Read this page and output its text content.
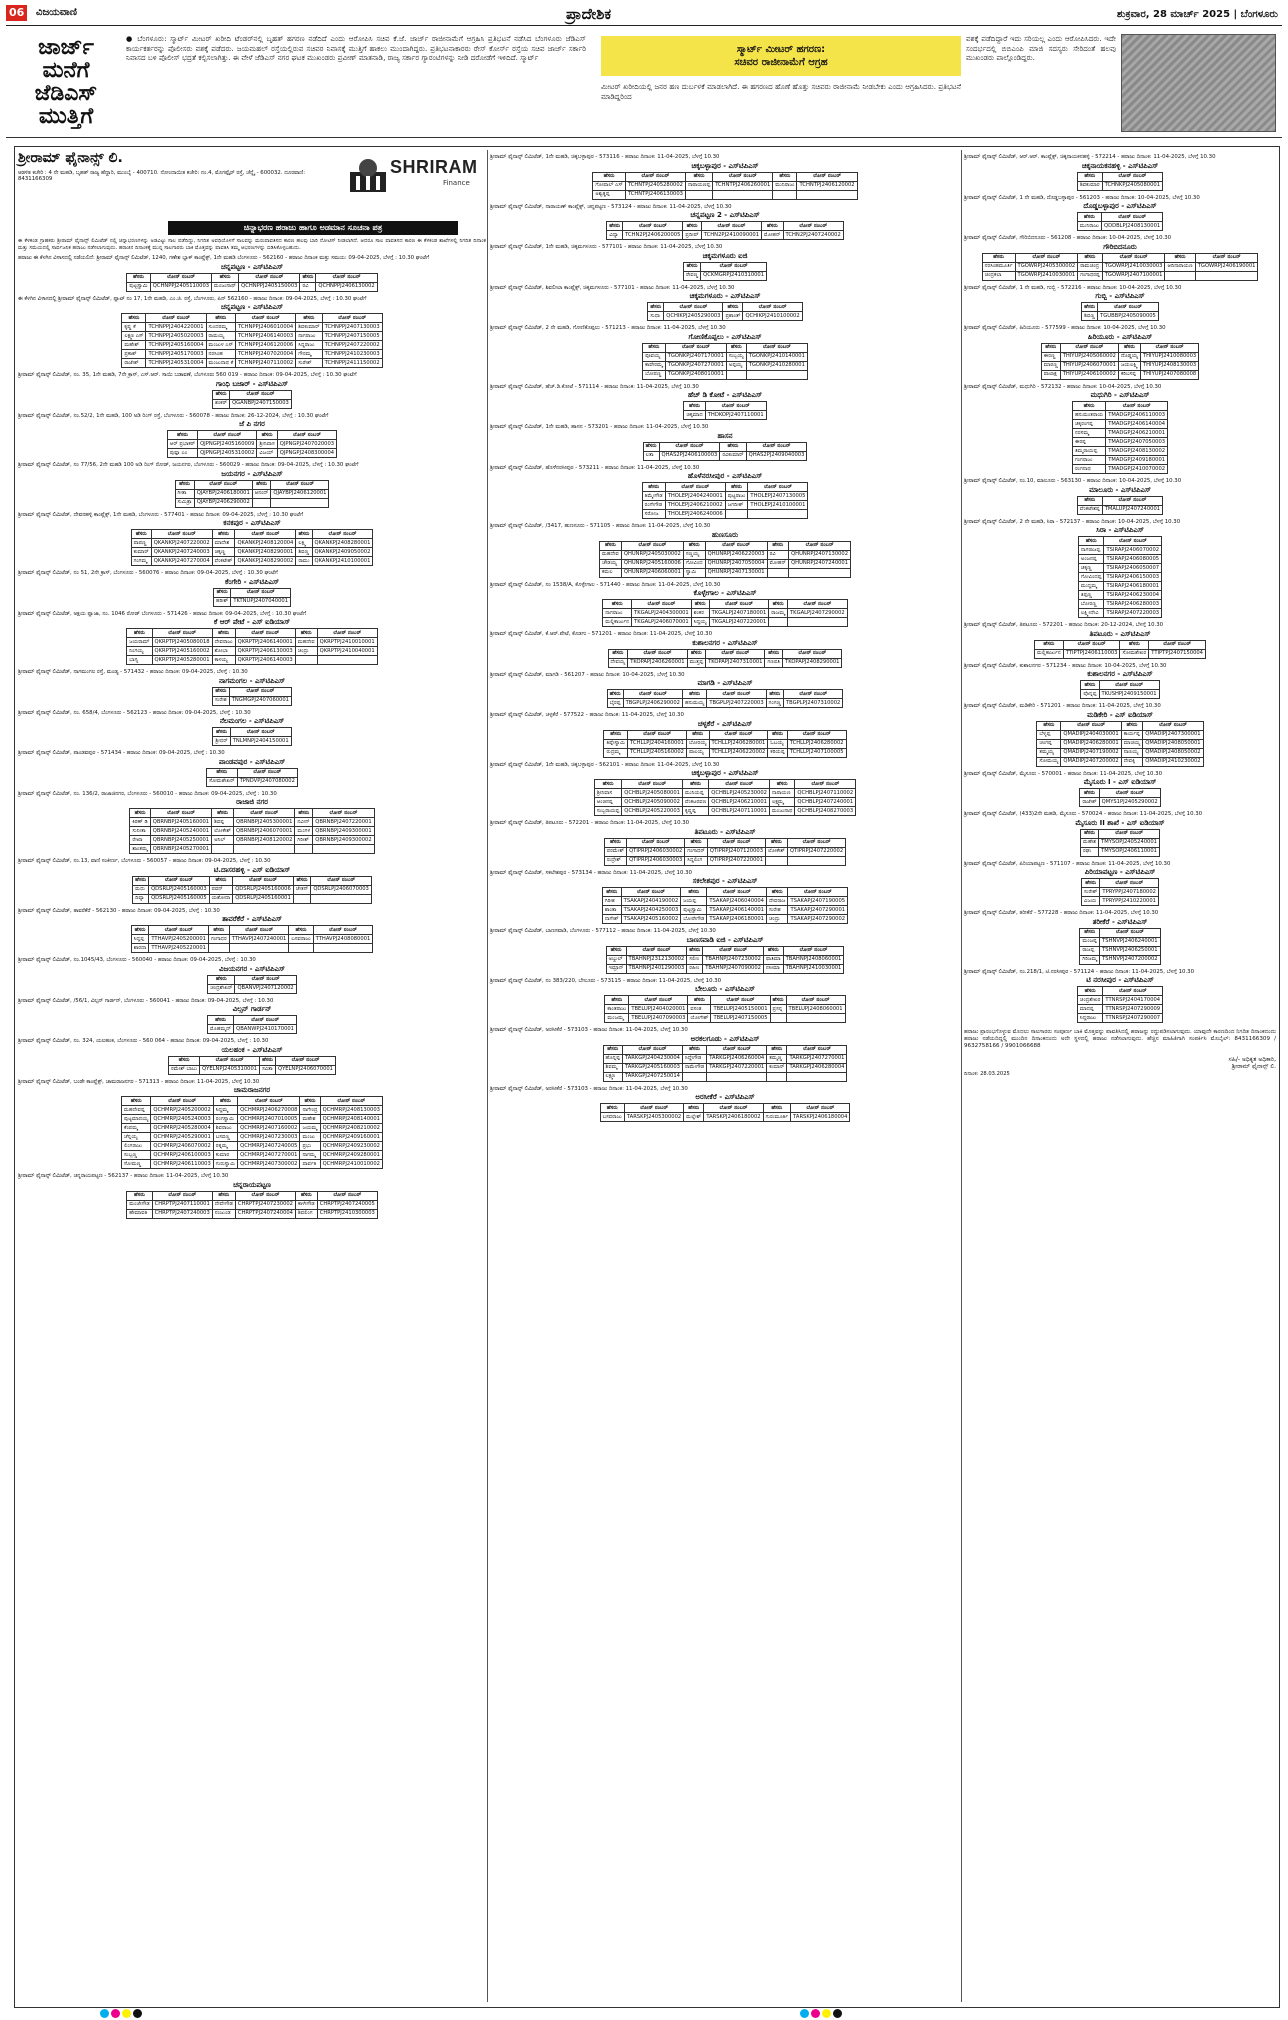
06	ವಿಜಯವಾಣಿ	ಪ್ರಾದೇಶಿಕ	ಶುಕ್ರವಾರ, 28 ಮಾರ್ಚ್ 2025 | ಬೆಂಗಳೂರು
ಜಾರ್ಜ್ ಮನೆಗೆ ಜೆಡಿಎಸ್ ಮುತ್ತಿಗೆ
● ಬೆಂಗಳೂರು: ಸ್ಮಾರ್ಟ್ ಮೀಟರ್ ಖರೀದಿ ಟೆಂಡರ್‌ನಲ್ಲಿ ಬೃಹತ್ ಹಗರಣ ನಡೆದಿದೆ ಎಂದು ಆರೋಪಿಸಿ ಸಚಿವ ಕೆ.ಜೆ. ಜಾರ್ಜ್ ರಾಜೀನಾಮೆಗೆ ಆಗ್ರಹಿಸಿ ಪ್ರತಿಭಟನೆ ನಡೆಸಿದ ಬೆಂಗಳೂರು ಜೆಡಿಎಸ್ ಕಾರ್ಯಕರ್ತರನ್ನು ಪೊಲೀಸರು ವಶಕ್ಕೆ ಪಡೆದರು. ಜಯಮಹಲ್ ರಸ್ತೆಯಲ್ಲಿರುವ ಸಚಿವರ ನಿವಾಸಕ್ಕೆ ಮುತ್ತಿಗೆ ಹಾಕಲು ಮುಂದಾಗಿದ್ದರು. ಪ್ರತಿಭಟನಾಕಾರರು ರೇಸ್ ಕೋರ್ಸ್ ರಸ್ತೆಯ ಸಚಿವ ಜಾರ್ಜ್ ಸರ್ಕಾರಿ ನಿವಾಸದ ಬಳಿ ಪೊಲೀಸ್ ಭದ್ರತೆ ಕಲ್ಪಿಸಲಾಗಿತ್ತು. ಈ ವೇಳೆ ಜೆಡಿಎಸ್ ನಗರ ಘಟಕ ಮುಖಂಡರು ಪ್ರವೀಣ್ ಮಾತನಾಡಿ, ರಾಜ್ಯ ಸರ್ಕಾರ ಗ್ಯಾರಂಟಿಗಳನ್ನು ನೀಡಿ ದರೋಡೆಗೆ ಇಳಿದಿದೆ. ಸ್ಮಾರ್ಟ್
ಸ್ಮಾರ್ಟ್ ಮೀಟರ್ ಹಗರಣ:
ಸಚಿವರ ರಾಜೀನಾಮೆಗೆ ಆಗ್ರಹ
ಮೀಟರ್ ಖರೀದಿಯಲ್ಲಿ ಜನರ ಹಣ ದುರ್ಬಳಕೆ ಮಾಡಲಾಗಿದೆ. ಈ ಹಗರಣದ ಹೊಣೆ ಹೊತ್ತು ಸಚಿವರು ರಾಜೀನಾಮೆ ನೀಡಬೇಕು ಎಂದು ಆಗ್ರಹಿಸಿದರು. ಪ್ರತಿಭಟನೆ ಮಾಡಿದ್ದರಿಂದ
ವಶಕ್ಕೆ ಪಡೆದಿದ್ದಾರೆ ಇದು ಸರಿಯಲ್ಲ ಎಂದು ಆರೋಪಿಸಿದರು. ಇದೇ ಸಂದರ್ಭದಲ್ಲಿ ಬಿಬಿಎಂಪಿ ಮಾಜಿ ಸದಸ್ಯರು ಸೇರಿದಂತೆ ಹಲವು ಮುಖಂಡರು ಪಾಲ್ಗೊಂಡಿದ್ದರು.
ಶ್ರೀರಾಮ್ ಫೈನಾನ್ಸ್ ಲಿ.
ಆಡಳಿತ ಕಚೇರಿ : 4 ನೇ ಮಹಡಿ, ಬೃಹತ್ ರಾಜ್ಯ ಹೆದ್ದಾರಿ, ಮುಂಬೈ - 400710. ನೋಂದಾಯಿತ ಕಚೇರಿ: ನಂ.4, ಮೊಗಪ್ಪೈರ್ ರಸ್ತೆ, ಚೆನ್ನೈ - 600032. ದೂರವಾಣಿ: 8431166309
SHRIRAM
Finance
ಚಿನ್ನಾಭರಣ ಹರಾಜು ಹಾಗೂ ಅಡಮಾನ ಸೂಚನಾ ಪತ್ರ
ಈ ಕೆಳಕಂಡ ಗ್ರಾಹಕರು ಶ್ರೀರಾಮ್ ಫೈನಾನ್ಸ್ ಲಿಮಿಟೆಡ್ ನಲ್ಲಿ ಚಿನ್ನಾಭರಣಗಳನ್ನು ಅಡವಿಟ್ಟು ಸಾಲ ಪಡೆದಿದ್ದು, ನಿಗದಿತ ಅವಧಿಯೊಳಗೆ ಸಾಲವನ್ನು ಮರುಪಾವತಿಸದ ಕಾರಣ ಹಲವು ಬಾರಿ ನೋಟಿಸ್ ನೀಡಲಾಗಿದೆ. ಆದರೂ ಸಾಲ ಪಾವತಿಸದ ಕಾರಣ ಈ ಕೆಳಕಂಡ ಶಾಖೆಗಳಲ್ಲಿ ನಿಗದಿತ ದಿನಾಂಕ ಮತ್ತು ಸಮಯದಲ್ಲಿ ಸಾರ್ವಜನಿಕ ಹರಾಜು ನಡೆಸಲಾಗುವುದು. ಹರಾಜಿನ ದಿನಾಂಕಕ್ಕೆ ಮುನ್ನ ಸಾಲಗಾರರು ಬಾಕಿ ಮೊತ್ತವನ್ನು ಪಾವತಿಸಿ ತಮ್ಮ ಆಭರಣಗಳನ್ನು ಬಿಡಿಸಿಕೊಳ್ಳಬಹುದು.
ಹರಾಜು ಈ ಕೆಳಗಿನ ವಿಳಾಸದಲ್ಲಿ ನಡೆಯಲಿದೆ: ಶ್ರೀರಾಮ್ ಫೈನಾನ್ಸ್ ಲಿಮಿಟೆಡ್, 1240, ಗಣೇಶ ಬ್ಲಾಕ್ ಕಾಂಪ್ಲೆಕ್ಸ್, 1ನೇ ಮಹಡಿ ಬೆಂಗಳೂರು - 562160 - ಹರಾಜು ದಿನಾಂಕ ಮತ್ತು ಸಮಯ: 09-04-2025, ಬೆಳಗ್ಗೆ : 10.30 ಘಂಟೆಗೆ
ಚನ್ನಪಟ್ಟಣ - ಎಸ್‌ಟಿಪಿಎಸ್
ಹೆಸರು	ಲೋನ್ ನಂಬರ್	ಹೆಸರು	ಲೋನ್ ನಂಬರ್	ಹೆಸರು	ಲೋನ್ ನಂಬರ್
ಪುಟ್ಟಸ್ವಾಮಿ	QCHNPPJ2405110003	ಮಂಜುನಾಥ್	QCHNPPJ2405150003	ರವಿ	QCHNPPJ2406130002
ಈ ಕೆಳಗಿನ ವಿಳಾಸದಲ್ಲಿ ಶ್ರೀರಾಮ್ ಫೈನಾನ್ಸ್ ಲಿಮಿಟೆಡ್, ಪ್ಲಾಟ್ ನಂ 17, 1ನೇ ಮಹಡಿ, ಎಂ.ಜಿ. ರಸ್ತೆ, ಬೆಂಗಳೂರು, ಪಿನ್ 562160 - ಹರಾಜು ದಿನಾಂಕ: 09-04-2025, ಬೆಳಗ್ಗೆ : 10.30 ಘಂಟೆಗೆ
ಚನ್ನಪಟ್ಟಣ - ಎಸ್‌ಟಿಪಿಎಸ್
ಹೆಸರು	ಲೋನ್ ನಂಬರ್	ಹೆಸರು	ಲೋನ್ ನಂಬರ್	ಹೆಸರು	ಲೋನ್ ನಂಬರ್
ಕೃಷ್ಣ ಕೆ	TCHNPPJ2404220001	ಸುಂದರಮ್ಮ	TCHNPPJ2406010004	ಶಿವಕುಮಾರ್	TCHNPPJ2407130003
ಲಕ್ಷ್ಮಣ ಎಸ್	TCHNPPJ2405020003	ರಾಮಯ್ಯ	TCHNPPJ2406140003	ನಾಗರಾಜು	TCHNPPJ2407150005
ಮಹೇಶ್	TCHNPPJ2405160004	ಮಂಜುಳ ಎಸ್	TCHNPPJ2406120006	ಸಿದ್ದರಾಜು	TCHNPPJ2407220002
ಪ್ರಕಾಶ್	TCHNPPJ2405170003	ನರಸಿಂಹ	TCHNPPJ2407020004	ಗೌರಮ್ಮ	TCHNPPJ2410230003
ರಾಜೇಶ್	TCHNPPJ2405310004	ಮಂಜುನಾಥ ಕೆ	TCHNPPJ2407110002	ಸುರೇಶ್	TCHNPPJ2411150002
ಶ್ರೀರಾಮ್ ಫೈನಾನ್ಸ್ ಲಿಮಿಟೆಡ್, ನಂ. 35, 1ನೇ ಮಹಡಿ, 7ನೇ ಕ್ರಾಸ್, ಎಸ್.ಆರ್. ಸಾಯಿ ಬಡಾವಣೆ, ಬೆಂಗಳೂರು 560 019 - ಹರಾಜು ದಿನಾಂಕ: 09-04-2025, ಬೆಳಗ್ಗೆ : 10.30 ಘಂಟೆಗೆ
ಗಾಂಧಿ ಬಜಾರ್ - ಎಸ್‌ಟಿಪಿಎಸ್
ಹೆಸರು	ಲೋನ್ ನಂಬರ್
ಶಂಕರ್	QGANBPJ2407150003
ಶ್ರೀರಾಮ್ ಫೈನಾನ್ಸ್ ಲಿಮಿಟೆಡ್, ನಂ.52/2, 1ನೇ ಮಹಡಿ, 100 ಅಡಿ ರಿಂಗ್ ರಸ್ತೆ, ಬೆಂಗಳೂರು - 560078 - ಹರಾಜು ದಿನಾಂಕ: 26-12-2024, ಬೆಳಗ್ಗೆ : 10.30 ಘಂಟೆಗೆ
ಜೆ ಪಿ ನಗರ
ಹೆಸರು	ಲೋನ್ ನಂಬರ್	ಹೆಸರು	ಲೋನ್ ನಂಬರ್
ಆರ್ ಪ್ರಭಾಕರ್	QJPNGPJ2405160009	ಶ್ರೀನಿವಾಸ	QJPNGPJ2407020003
ಪುಷ್ಪಾ ಎಂ	QJPNGPJ2405310002	ವಿಜಯ್	QJPNGPJ2408300004
ಶ್ರೀರಾಮ್ ಫೈನಾನ್ಸ್ ಲಿಮಿಟೆಡ್, ನಂ 77/56, 2ನೇ ಮಹಡಿ 100 ಅಡಿ ರಿಂಗ್ ರೋಡ್, ಜಯನಗರ, ಬೆಂಗಳೂರು - 560029 - ಹರಾಜು ದಿನಾಂಕ: 09-04-2025, ಬೆಳಗ್ಗೆ : 10.30 ಘಂಟೆಗೆ
ಜಯನಗರ - ಎಸ್‌ಟಿಪಿಎಸ್
ಹೆಸರು	ಲೋನ್ ನಂಬರ್	ಹೆಸರು	ಲೋನ್ ನಂಬರ್
ಗೀತಾ	QJAYBPJ2406180001	ಆನಂದ್	QJAYBPJ2406120001
ಸುಮಿತ್ರಾ	QJAYBPJ2406290002		
ಶ್ರೀರಾಮ್ ಫೈನಾನ್ಸ್ ಲಿಮಿಟೆಡ್, ದೇವನಹಳ್ಳಿ ಕಾಂಪ್ಲೆಕ್ಸ್, 1ನೇ ಮಹಡಿ, ಬೆಂಗಳೂರು - 577401 - ಹರಾಜು ದಿನಾಂಕ: 09-04-2025, ಬೆಳಗ್ಗೆ : 10.30 ಘಂಟೆಗೆ
ಕನಕಪುರ - ಎಸ್‌ಟಿಪಿಎಸ್
ಹೆಸರು	ಲೋನ್ ನಂಬರ್	ಹೆಸರು	ಲೋನ್ ನಂಬರ್	ಹೆಸರು	ಲೋನ್ ನಂಬರ್
ಪಾಪಣ್ಣ	QKANKPJ2407220002	ಮಾದೇಶ	QKANKPJ2408120004	ಲಕ್ಷ್ಮಿ	QKANKPJ2408280001
ಕುಮಾರ್	QKANKPJ2407240003	ಚಿಕ್ಕಣ್ಣ	QKANKPJ2408290001	ಶಿವಣ್ಣ	QKANKPJ2409050002
ಗಂಗಮ್ಮ	QKANKPJ2407270004	ವೆಂಕಟೇಶ್	QKANKPJ2408290002	ರಾಮು	QKANKPJ2410100001
ಶ್ರೀರಾಮ್ ಫೈನಾನ್ಸ್ ಲಿಮಿಟೆಡ್, ನಂ 51, 2ನೇ ಕ್ರಾಸ್, ಬೆಂಗಳೂರು - 560076 - ಹರಾಜು ದಿನಾಂಕ: 09-04-2025, ಬೆಳಗ್ಗೆ : 10.30 ಘಂಟೆಗೆ
ಕೆಂಗೇರಿ - ಎಸ್‌ಟಿಪಿಎಸ್
ಹೆಸರು	ಲೋನ್ ನಂಬರ್
ಹರೀಶ್	TKTNUPJ2407040001
ಶ್ರೀರಾಮ್ ಫೈನಾನ್ಸ್ ಲಿಮಿಟೆಡ್, ಅಕ್ಷಯ ಪ್ಲಾಜಾ, ನಂ. 1046 ರೋಡ್ ಬೆಂಗಳೂರು - 571426 - ಹರಾಜು ದಿನಾಂಕ: 09-04-2025, ಬೆಳಗ್ಗೆ : 10.30 ಘಂಟೆಗೆ
ಕೆ ಆರ್ ಪೇಟೆ - ಎಸ್ ಐಡಿಯಾಸ್
ಹೆಸರು	ಲೋನ್ ನಂಬರ್	ಹೆಸರು	ಲೋನ್ ನಂಬರ್	ಹೆಸರು	ಲೋನ್ ನಂಬರ್
ಜಯರಾಮ್	QKRPTPJ2405080018	ದೇವರಾಜು	QKRPTPJ2406140001	ಮಹದೇವ	QKRPTPJ2410010001
ನಿಂಗಯ್ಯ	QKRPTPJ2405160002	ಶೋಭಾ	QKRPTPJ2406130003	ಚಂದ್ರು	QKRPTPJ2410040001
ಭಾಗ್ಯ	QKRPTPJ2405280001	ಕಾಳಯ್ಯ	QKRPTPJ2406140003		
ಶ್ರೀರಾಮ್ ಫೈನಾನ್ಸ್ ಲಿಮಿಟೆಡ್, ನಾಗಮಂಗಲ ರಸ್ತೆ, ಮಂಡ್ಯ - 571432 - ಹರಾಜು ದಿನಾಂಕ: 09-04-2025, ಬೆಳಗ್ಗೆ : 10.30
ನಾಗಮಂಗಲ - ಎಸ್‌ಟಿಪಿಎಸ್
ಹೆಸರು	ಲೋನ್ ನಂಬರ್
ಸುರೇಶ	TNGMGPJ2407060001
ಶ್ರೀರಾಮ್ ಫೈನಾನ್ಸ್ ಲಿಮಿಟೆಡ್, ನಂ. 658/4, ಬೆಂಗಳೂರು - 562123 - ಹರಾಜು ದಿನಾಂಕ: 09-04-2025, ಬೆಳಗ್ಗೆ : 10.30
ನೆಲಮಂಗಲ - ಎಸ್‌ಟಿಪಿಎಸ್
ಹೆಸರು	ಲೋನ್ ನಂಬರ್
ಶ್ರೀಧರ್	TNLMNPJ2404150001
ಶ್ರೀರಾಮ್ ಫೈನಾನ್ಸ್ ಲಿಮಿಟೆಡ್, ಪಾಂಡವಪುರ - 571434 - ಹರಾಜು ದಿನಾಂಕ: 09-04-2025, ಬೆಳಗ್ಗೆ : 10.30
ಪಾಂಡವಪುರ - ಎಸ್‌ಟಿಪಿಎಸ್
ಹೆಸರು	ಲೋನ್ ನಂಬರ್
ಸೋಮಶೇಖರ್	TPNDVPJ2407080002
ಶ್ರೀರಾಮ್ ಫೈನಾನ್ಸ್ ಲಿಮಿಟೆಡ್, ನಂ. 136/2, ರಾಜಾಜಿನಗರ, ಬೆಂಗಳೂರು - 560010 - ಹರಾಜು ದಿನಾಂಕ: 09-04-2025, ಬೆಳಗ್ಗೆ : 10.30
ರಾಜಾಜಿ ನಗರ
ಹೆಸರು	ಲೋನ್ ನಂಬರ್	ಹೆಸರು	ಲೋನ್ ನಂಬರ್	ಹೆಸರು	ಲೋನ್ ನಂಬರ್
ಕಿರಣ್ ಡಿ	QBRNBPJ2405160001	ಶಿವಪ್ಪ	QBRNBPJ2405300001	ನವೀನ್	QBRNBPJ2407220001
ಸುನೀತಾ	QBRNBPJ2405240001	ಲೋಕೇಶ್	QBRNBPJ2406070001	ಮಂಗಳ	QBRNBPJ2409300001
ರೇಖಾ	QBRNBPJ2405250001	ಅನಿಲ್	QBRNBPJ2408120002	ಗಿರೀಶ್	QBRNBPJ2409300002
ಶಾಂತಮ್ಮ	QBRNBPJ2405270001				
ಶ್ರೀರಾಮ್ ಫೈನಾನ್ಸ್ ಲಿಮಿಟೆಡ್, ನಂ.13, ವಾಣಿ ಸಂಕೀರ್ಣ, ಬೆಂಗಳೂರು - 560057 - ಹರಾಜು ದಿನಾಂಕ: 09-04-2025, ಬೆಳಗ್ಗೆ : 10.30
ಟಿ.ದಾಸರಹಳ್ಳಿ - ಎಸ್ ಐಡಿಯಾಸ್
ಹೆಸರು	ಲೋನ್ ನಂಬರ್	ಹೆಸರು	ಲೋನ್ ನಂಬರ್	ಹೆಸರು	ಲೋನ್ ನಂಬರ್
ಮಧು	QDSRLPJ2405160003	ಪವನ್	QDSRLPJ2405160006	ಚೇತನ್	QDSRLPJ2406070003
ದಿವ್ಯಾ	QDSRLPJ2405160005	ಯಶೋದಾ	QDSRLPJ2405160001		
ಶ್ರೀರಾಮ್ ಫೈನಾನ್ಸ್ ಲಿಮಿಟೆಡ್, ತಾವರೆಕೆರೆ - 562130 - ಹರಾಜು ದಿನಾಂಕ: 09-04-2025, ಬೆಳಗ್ಗೆ : 10.30
ತಾವರೆಕೆರೆ - ಎಸ್‌ಟಿಪಿಎಸ್
ಹೆಸರು	ಲೋನ್ ನಂಬರ್	ಹೆಸರು	ಲೋನ್ ನಂಬರ್	ಹೆಸರು	ಲೋನ್ ನಂಬರ್
ಸಿದ್ದಪ್ಪ	TTHAVPJ2405200001	ಗಂಗಾಧರ	TTHAVPJ2407240001	ಬಸವರಾಜು	TTHAVPJ2408080001
ಶಾರದಾ	TTHAVPJ2405220001				
ಶ್ರೀರಾಮ್ ಫೈನಾನ್ಸ್ ಲಿಮಿಟೆಡ್, ನಂ.1045/43, ಬೆಂಗಳೂರು - 560040 - ಹರಾಜು ದಿನಾಂಕ: 09-04-2025, ಬೆಳಗ್ಗೆ : 10.30
ವಿಜಯನಗರ - ಎಸ್‌ಟಿಪಿಎಸ್
ಹೆಸರು	ಲೋನ್ ನಂಬರ್
ಚಂದ್ರಶೇಖರ್	QBANVPJ2407120002
ಶ್ರೀರಾಮ್ ಫೈನಾನ್ಸ್ ಲಿಮಿಟೆಡ್, /56/1, ವಿಲ್ಸನ್ ಗಾರ್ಡನ್, ಬೆಂಗಳೂರು - 560041 - ಹರಾಜು ದಿನಾಂಕ: 09-04-2025, ಬೆಳಗ್ಗೆ : 10.30
ವಿಲ್ಸನ್ ಗಾರ್ಡನ್
ಹೆಸರು	ಲೋನ್ ನಂಬರ್
ಮೊಹಮ್ಮದ್	QBANWPJ2410170001
ಶ್ರೀರಾಮ್ ಫೈನಾನ್ಸ್ ಲಿಮಿಟೆಡ್, ನಂ. 324, ಯಲಹಂಕ, ಬೆಂಗಳೂರು - 560 064 - ಹರಾಜು ದಿನಾಂಕ: 09-04-2025, ಬೆಳಗ್ಗೆ : 10.30
ಯಲಹಂಕ - ಎಸ್‌ಟಿಪಿಎಸ್
ಹೆಸರು	ಲೋನ್ ನಂಬರ್	ಹೆಸರು	ಲೋನ್ ನಂಬರ್
ರಮೇಶ್ ಬಾಬು	QYELNPJ2405310001	ಸವಿತಾ	QYELNPJ2406070001
ಶ್ರೀರಾಮ್ ಫೈನಾನ್ಸ್ ಲಿಮಿಟೆಡ್, ಬಂಡೇ ಕಾಂಪ್ಲೆಕ್ಸ್, ಚಾಮರಾಜನಗರ - 571313 - ಹರಾಜು ದಿನಾಂಕ: 11-04-2025, ಬೆಳಗ್ಗೆ 10.30
ಚಾಮರಾಜನಗರ
ಹೆಸರು	ಲೋನ್ ನಂಬರ್	ಹೆಸರು	ಲೋನ್ ನಂಬರ್	ಹೆಸರು	ಲೋನ್ ನಂಬರ್
ಮಹದೇವಪ್ಪ	QCHMRPJ2405200002	ಸಿದ್ದಮ್ಮ	QCHMRPJ2406270008	ನಾಗೇಂದ್ರ	QCHMRPJ2408130003
ಪುಟ್ಟಮಾದಯ್ಯ	QCHMRPJ2405240003	ರಂಗಸ್ವಾಮಿ	QCHMRPJ2407010005	ಮಹೇಶ	QCHMRPJ2408140001
ಕೆಂಪಮ್ಮ	QCHMRPJ2405280004	ಶಿವರಾಜು	QCHMRPJ2407160002	ಜಯಮ್ಮ	QCHMRPJ2408210002
ಚೆನ್ನಯ್ಯ	QCHMRPJ2405290001	ಬಸವಣ್ಣ	QCHMRPJ2407230003	ಮಂಜು	QCHMRPJ2409160001
ಲಿಂಗರಾಜು	QCHMRPJ2406070002	ರತ್ನಮ್ಮ	QCHMRPJ2407240005	ಪ್ರಭು	QCHMRPJ2409230002
ಸುಬ್ಬಣ್ಣ	QCHMRPJ2406100003	ಕುಮಾರ	QCHMRPJ2407270001	ನಾಗಮ್ಮ	QCHMRPJ2409280001
ಸೋಮಣ್ಣ	QCHMRPJ2406110003	ಗುರುಸ್ವಾಮಿ	QCHMRPJ2407300002	ಪಾರ್ವತಿ	QCHMRPJ2410010002
ಶ್ರೀರಾಮ್ ಫೈನಾನ್ಸ್ ಲಿಮಿಟೆಡ್, ಚನ್ನರಾಯಪಟ್ಟಣ - 562137 - ಹರಾಜು ದಿನಾಂಕ: 11-04-2025, ಬೆಳಗ್ಗೆ 10.30
ಚನ್ನರಾಯಪಟ್ಟಣ
ಹೆಸರು	ಲೋನ್ ನಂಬರ್	ಹೆಸರು	ಲೋನ್ ನಂಬರ್	ಹೆಸರು	ಲೋನ್ ನಂಬರ್
ಮಂಜೇಗೌಡ	CHRPTPJ2407110001	ದೇವೇಗೌಡ	CHRPTPJ2407230002	ಕಾಳೇಗೌಡ	CHRPTPJ2407240005
ಹೇಮಾವತಿ	CHRPTPJ2407240003	ನಂಜುಂಡ	CHRPTPJ2407240004	ಶಿವಲಿಂಗ	CHRPTPJ2410300003
ಶ್ರೀರಾಮ್ ಫೈನಾನ್ಸ್ ಲಿಮಿಟೆಡ್, 1ನೇ ಮಹಡಿ, ಚಿಕ್ಕಬಳ್ಳಾಪುರ - 573116 - ಹರಾಜು ದಿನಾಂಕ: 11-04-2025, ಬೆಳಗ್ಗೆ 10.30
ಚಿಕ್ಕಬಳ್ಳಾಪುರ - ಎಸ್‌ಟಿಪಿಎಸ್
ಹೆಸರು	ಲೋನ್ ನಂಬರ್	ಹೆಸರು	ಲೋನ್ ನಂಬರ್	ಹೆಸರು	ಲೋನ್ ನಂಬರ್
ಗೋಪಾಲ್ ಎಸ್	TCHNTPJ2405280002	ನಾರಾಯಣಪ್ಪ	TCHNTPJ2406260001	ಮುನಿರಾಜು	TCHNTPJ2406120002
ಅಶ್ವತ್ಥಪ್ಪ	TCHNTPJ2406130003				
ಶ್ರೀರಾಮ್ ಫೈನಾನ್ಸ್ ಲಿಮಿಟೆಡ್, ನಾರಾಯಣ್ ಕಾಂಪ್ಲೆಕ್ಸ್, ಚನ್ನಪಟ್ಟಣ - 573124 - ಹರಾಜು ದಿನಾಂಕ: 11-04-2025, ಬೆಳಗ್ಗೆ 10.30
ಚನ್ನಪಟ್ಟಣ 2 - ಎಸ್‌ಟಿಪಿಎಸ್
ಹೆಸರು	ಲೋನ್ ನಂಬರ್	ಹೆಸರು	ಲೋನ್ ನಂಬರ್	ಹೆಸರು	ಲೋನ್ ನಂಬರ್
ವಿದ್ಯಾ	TCHN2PJ2406200005	ಪ್ರದೀಪ್	TCHN2PJ2410090001	ಮೋಹನ್	TCHN2PJ2407240002
ಶ್ರೀರಾಮ್ ಫೈನಾನ್ಸ್ ಲಿಮಿಟೆಡ್, 1ನೇ ಮಹಡಿ, ಚಿಕ್ಕಮಗಳೂರು - 577101 - ಹರಾಜು ದಿನಾಂಕ: 11-04-2025, ಬೆಳಗ್ಗೆ 10.30
ಚಿಕ್ಕಮಗಳೂರು ಐಜಿ
ಹೆಸರು	ಲೋನ್ ನಂಬರ್
ರೇವಣ್ಣ	QCKMGRPJ2410310001
ಶ್ರೀರಾಮ್ ಫೈನಾನ್ಸ್ ಲಿಮಿಟೆಡ್, ಶಿವಲೀಲಾ ಕಾಂಪ್ಲೆಕ್ಸ್, ಚಿಕ್ಕಮಗಳೂರು - 577101 - ಹರಾಜು ದಿನಾಂಕ: 11-04-2025, ಬೆಳಗ್ಗೆ 10.30
ಚಿಕ್ಕಮಗಳೂರು - ಎಸ್‌ಟಿಪಿಎಸ್
ಹೆಸರು	ಲೋನ್ ನಂಬರ್	ಹೆಸರು	ಲೋನ್ ನಂಬರ್
ಸುಧಾ	QCHIKPJ2405290003	ಪ್ರಶಾಂತ್	QCHIKPJ2410100002
ಶ್ರೀರಾಮ್ ಫೈನಾನ್ಸ್ ಲಿಮಿಟೆಡ್, 2 ನೇ ಮಹಡಿ, ಗೋಣಿಕೊಪ್ಪಲು - 571213 - ಹರಾಜು ದಿನಾಂಕ: 11-04-2025, ಬೆಳಗ್ಗೆ 10.30
ಗೋಣಿಕೊಪ್ಪಲು - ಎಸ್‌ಟಿಪಿಎಸ್
ಹೆಸರು	ಲೋನ್ ನಂಬರ್	ಹೆಸರು	ಲೋನ್ ನಂಬರ್
ಪೂವಯ್ಯ	TGONKPJ2407170001	ಸುಬ್ಬಯ್ಯ	TGONKPJ2410140001
ಕಾವೇರಮ್ಮ	TGONKPJ2407270001	ಅಪ್ಪಯ್ಯ	TGONKPJ2410280001
ಬೋಪಣ್ಣ	TGONKPJ2408010001		
ಶ್ರೀರಾಮ್ ಫೈನಾನ್ಸ್ ಲಿಮಿಟೆಡ್, ಹೆಚ್.ಡಿ.ಕೋಟೆ - 571114 - ಹರಾಜು ದಿನಾಂಕ: 11-04-2025, ಬೆಳಗ್ಗೆ 10.30
ಹೆಚ್ ಡಿ ಕೋಟೆ - ಎಸ್‌ಟಿಪಿಎಸ್
ಹೆಸರು	ಲೋನ್ ನಂಬರ್
ಚಿಕ್ಕಮಾದ	THDKOPJ2407110001
ಶ್ರೀರಾಮ್ ಫೈನಾನ್ಸ್ ಲಿಮಿಟೆಡ್, 1ನೇ ಮಹಡಿ, ಹಾಸನ - 573201 - ಹರಾಜು ದಿನಾಂಕ: 11-04-2025, ಬೆಳಗ್ಗೆ 10.30
ಹಾಸನ
ಹೆಸರು	ಲೋನ್ ನಂಬರ್	ಹೆಸರು	ಲೋನ್ ನಂಬರ್
ಲತಾ	QHAS2PJ2406100003	ರವಿಕುಮಾರ್	QHAS2PJ2409040003
ಶ್ರೀರಾಮ್ ಫೈನಾನ್ಸ್ ಲಿಮಿಟೆಡ್, ಹೊಳೆನರಸೀಪುರ - 573211 - ಹರಾಜು ದಿನಾಂಕ: 11-04-2025, ಬೆಳಗ್ಗೆ 10.30
ಹೊಳೆನರಸೀಪುರ - ಎಸ್‌ಟಿಪಿಎಸ್
ಹೆಸರು	ಲೋನ್ ನಂಬರ್	ಹೆಸರು	ಲೋನ್ ನಂಬರ್
ತಿಮ್ಮೇಗೌಡ	THOLEPJ2404240001	ಪುಟ್ಟರಾಜು	THOLEPJ2407130005
ರಂಗೇಗೌಡ	THOLEPJ2406210002	ಜಗದೀಶ್	THOLEPJ2410100001
ಸರೋಜ	THOLEPJ2406240006		
ಶ್ರೀರಾಮ್ ಫೈನಾನ್ಸ್ ಲಿಮಿಟೆಡ್, /3417, ಹುಣಸೂರು - 571105 - ಹರಾಜು ದಿನಾಂಕ: 11-04-2025, ಬೆಳಗ್ಗೆ 10.30
ಹುಣಸೂರು
ಹೆಸರು	ಲೋನ್ ನಂಬರ್	ಹೆಸರು	ಲೋನ್ ನಂಬರ್	ಹೆಸರು	ಲೋನ್ ನಂಬರ್
ಮಹದೇವ	QHUNRPJ2405030002	ಸಣ್ಣಯ್ಯ	QHUNRPJ2406220003	ರವಿ	QHUNRPJ2407130002
ಚೌಡಯ್ಯ	QHUNRPJ2405160006	ಗೋವಿಂದ	QHUNRPJ2407050004	ಮೋಹನ್	QHUNRPJ2407240001
ಕಮಲ	QHUNRPJ2406060001	ಸ್ವಾಮಿ	QHUNRPJ2407130001		
ಶ್ರೀರಾಮ್ ಫೈನಾನ್ಸ್ ಲಿಮಿಟೆಡ್, ನಂ 1538/A, ಕೊಳ್ಳೇಗಾಲ - 571440 - ಹರಾಜು ದಿನಾಂಕ: 11-04-2025, ಬೆಳಗ್ಗೆ 10.30
ಕೊಳ್ಳೇಗಾಲ - ಎಸ್‌ಟಿಪಿಎಸ್
ಹೆಸರು	ಲೋನ್ ನಂಬರ್	ಹೆಸರು	ಲೋನ್ ನಂಬರ್	ಹೆಸರು	ಲೋನ್ ನಂಬರ್
ನಾಗರಾಜು	TKGALPJ2404300001	ಶಂಕರ	TKGALPJ2407180001	ರಾಜಮ್ಮ	TKGALPJ2407290002
ಮಲ್ಲಿಕಾರ್ಜುನ	TKGALPJ2406070001	ಸಿದ್ದಯ್ಯ	TKGALPJ2407220001		
ಶ್ರೀರಾಮ್ ಫೈನಾನ್ಸ್ ಲಿಮಿಟೆಡ್, ಕೆ.ಆರ್.ಪೇಟೆ, ಕೊಡಗು - 571201 - ಹರಾಜು ದಿನಾಂಕ: 11-04-2025, ಬೆಳಗ್ಗೆ 10.30
ಕುಶಾಲನಗರ - ಎಸ್‌ಟಿಪಿಎಸ್
ಹೆಸರು	ಲೋನ್ ನಂಬರ್	ಹೆಸರು	ಲೋನ್ ನಂಬರ್	ಹೆಸರು	ಲೋನ್ ನಂಬರ್
ದೇವಯ್ಯ	TKOPAPJ2406260001	ಮುತ್ತಪ್ಪ	TKOPAPJ2407310001	ಗಣಪತಿ	TKOPAPJ2408290001
ಶ್ರೀರಾಮ್ ಫೈನಾನ್ಸ್ ಲಿಮಿಟೆಡ್, ಮಾಗಡಿ - 561207 - ಹರಾಜು ದಿನಾಂಕ: 10-04-2025, ಬೆಳಗ್ಗೆ 10.30
ಮಾಗಡಿ - ಎಸ್‌ಟಿಪಿಎಸ್
ಹೆಸರು	ಲೋನ್ ನಂಬರ್	ಹೆಸರು	ಲೋನ್ ನಂಬರ್	ಹೆಸರು	ಲೋನ್ ನಂಬರ್
ಬೈರಪ್ಪ	TBGPLPJ2406290002	ಹನುಮಯ್ಯ	TBGPLPJ2407220003	ಗಂಗಣ್ಣ	TBGPLPJ2407310002
ಶ್ರೀರಾಮ್ ಫೈನಾನ್ಸ್ ಲಿಮಿಟೆಡ್, ಚಳ್ಳಕೆರೆ - 577522 - ಹರಾಜು ದಿನಾಂಕ: 11-04-2025, ಬೆಳಗ್ಗೆ 10.30
ಚಳ್ಳಕೆರೆ - ಎಸ್‌ಟಿಪಿಎಸ್
ಹೆಸರು	ಲೋನ್ ನಂಬರ್	ಹೆಸರು	ಲೋನ್ ನಂಬರ್	ಹೆಸರು	ಲೋನ್ ನಂಬರ್
ತಿಪ್ಪೇಸ್ವಾಮಿ	TCHLLPJ2404160001	ಬೋರಯ್ಯ	TCHLLPJ2406280001	ಓಬಯ್ಯ	TCHLLPJ2406280002
ರುದ್ರಮ್ಮ	TCHLLPJ2405160002	ಪಾಲಯ್ಯ	TCHLLPJ2406220002	ಕರಿಯಪ್ಪ	TCHLLPJ2407100005
ಶ್ರೀರಾಮ್ ಫೈನಾನ್ಸ್ ಲಿಮಿಟೆಡ್, 1ನೇ ಮಹಡಿ, ಚಿಕ್ಕಬಳ್ಳಾಪುರ - 562101 - ಹರಾಜು ದಿನಾಂಕ: 11-04-2025, ಬೆಳಗ್ಗೆ 10.30
ಚಿಕ್ಕಬಳ್ಳಾಪುರ - ಎಸ್‌ಟಿಪಿಎಸ್
ಹೆಸರು	ಲೋನ್ ನಂಬರ್	ಹೆಸರು	ಲೋನ್ ನಂಬರ್	ಹೆಸರು	ಲೋನ್ ನಂಬರ್
ಶ್ರೀನಿವಾಸ	QCHBLPJ2405080001	ಮುನಿಯಪ್ಪ	QCHBLPJ2405230002	ನಾರಾಯಣ	QCHBLPJ2407110002
ಆಂಜಿನಪ್ಪ	QCHBLPJ2405090002	ವೆಂಕಟರವಣ	QCHBLPJ2406210001	ಲಕ್ಷ್ಮಮ್ಮ	QCHBLPJ2407240001
ಸುಬ್ಬರಾಯಪ್ಪ	QCHBLPJ2405220003	ಕೃಷ್ಣಪ್ಪ	QCHBLPJ2407110001	ಮಂಜುನಾಥ	QCHBLPJ2408270003
ಶ್ರೀರಾಮ್ ಫೈನಾನ್ಸ್ ಲಿಮಿಟೆಡ್, ತಿಪಟೂರು - 572201 - ಹರಾಜು ದಿನಾಂಕ: 11-04-2025, ಬೆಳಗ್ಗೆ 10.30
ತಿಪಟೂರು - ಎಸ್‌ಟಿಪಿಎಸ್
ಹೆಸರು	ಲೋನ್ ನಂಬರ್	ಹೆಸರು	ಲೋನ್ ನಂಬರ್	ಹೆಸರು	ಲೋನ್ ನಂಬರ್
ಪರಮೇಶ್	QTIPRPJ2406030002	ಗಂಗಾಧರ್	QTIPRPJ2407120003	ಲೋಕೇಶ್	QTIPRPJ2407220002
ರುದ್ರೇಶ್	QTIPRPJ2406030003	ಸಿದ್ದಲಿಂಗ	QTIPRPJ2407220001		
ಶ್ರೀರಾಮ್ ಫೈನಾನ್ಸ್ ಲಿಮಿಟೆಡ್, ಸಕಲೇಶಪುರ - 573134 - ಹರಾಜು ದಿನಾಂಕ: 11-04-2025, ಬೆಳಗ್ಗೆ 10.30
ಸಕಲೇಶಪುರ - ಎಸ್‌ಟಿಪಿಎಸ್
ಹೆಸರು	ಲೋನ್ ನಂಬರ್	ಹೆಸರು	ಲೋನ್ ನಂಬರ್	ಹೆಸರು	ಲೋನ್ ನಂಬರ್
ಗಿರೀಶ	TSAKAPJ2404190002	ಜಯಪ್ಪ	TSAKAPJ2406040004	ದೇವರಾಜ	TSAKAPJ2407190005
ಶಾಂತಾ	TSAKAPJ2404250003	ಪುಟ್ಟಸ್ವಾಮಿ	TSAKAPJ2406140001	ಸುರೇಶ	TSAKAPJ2407290001
ನಾಗೇಶ್	TSAKAPJ2405160002	ಬೋರೇಗೌಡ	TSAKAPJ2406180001	ಚಂದ್ರು	TSAKAPJ2407290002
ಶ್ರೀರಾಮ್ ಫೈನಾನ್ಸ್ ಲಿಮಿಟೆಡ್, ಬಾಣಸವಾಡಿ, ಬೆಂಗಳೂರು - 577112 - ಹರಾಜು ದಿನಾಂಕ: 11-04-2025, ಬೆಳಗ್ಗೆ 10.30
ಬಾಣಸವಾಡಿ ಐಜಿ - ಎಸ್‌ಟಿಪಿಎಸ್
ಹೆಸರು	ಲೋನ್ ನಂಬರ್	ಹೆಸರು	ಲೋನ್ ನಂಬರ್	ಹೆಸರು	ಲೋನ್ ನಂಬರ್
ಅಬ್ದುಲ್	TBAHNPJ2312130002	ಸಲೀಂ	TBAHNPJ2407230002	ಫಾತಿಮಾ	TBAHNPJ2408060001
ಇಮ್ರಾನ್	TBAHNPJ2401290003	ರಹೀಂ	TBAHNPJ2407090002	ನಸೀಮಾ	TBAHNPJ2410030001
ಶ್ರೀರಾಮ್ ಫೈನಾನ್ಸ್ ಲಿಮಿಟೆಡ್, ನಂ 383/220, ಬೇಲೂರು - 573115 - ಹರಾಜು ದಿನಾಂಕ: 11-04-2025, ಬೆಳಗ್ಗೆ 10.30
ಬೇಲೂರು - ಎಸ್‌ಟಿಪಿಎಸ್
ಹೆಸರು	ಲೋನ್ ನಂಬರ್	ಹೆಸರು	ಲೋನ್ ನಂಬರ್	ಹೆಸರು	ಲೋನ್ ನಂಬರ್
ಕಾಂತರಾಜು	TBELUPJ2404020001	ವಸಂತ	TBELUPJ2405150001	ಪ್ರಸನ್ನ	TBELUPJ2408060001
ಮಂಜಮ್ಮ	TBELUPJ2407090003	ಯೋಗೇಶ್	TBELUPJ2407150005		
ಶ್ರೀರಾಮ್ ಫೈನಾನ್ಸ್ ಲಿಮಿಟೆಡ್, ಅರಸೀಕೆರೆ - 573103 - ಹರಾಜು ದಿನಾಂಕ: 11-04-2025, ಬೆಳಗ್ಗೆ 10.30
ಅರಕಲಗೂಡು - ಎಸ್‌ಟಿಪಿಎಸ್
ಹೆಸರು	ಲೋನ್ ನಂಬರ್	ಹೆಸರು	ಲೋನ್ ನಂಬರ್	ಹೆಸರು	ಲೋನ್ ನಂಬರ್
ಹೊನ್ನಪ್ಪ	TARKGPJ2404230004	ಸಿದ್ದೇಗೌಡ	TARKGPJ2406260004	ತಮ್ಮಣ್ಣ	TARKGPJ2407270001
ಶಿವಮ್ಮ	TARKGPJ2405160003	ರಾಮೇಗೌಡ	TARKGPJ2407220001	ಕುಮಾರ್	TARKGPJ2406280004
ಲಕ್ಷ್ಮಣ	TARKGPJ2407250014				
ಶ್ರೀರಾಮ್ ಫೈನಾನ್ಸ್ ಲಿಮಿಟೆಡ್, ಅರಸೀಕೆರೆ - 573103 - ಹರಾಜು ದಿನಾಂಕ: 11-04-2025, ಬೆಳಗ್ಗೆ 10.30
ಅರಸೀಕೆರೆ - ಎಸ್‌ಟಿಪಿಎಸ್
ಹೆಸರು	ಲೋನ್ ನಂಬರ್	ಹೆಸರು	ಲೋನ್ ನಂಬರ್	ಹೆಸರು	ಲೋನ್ ನಂಬರ್
ಬಸವರಾಜು	TARSKPJ2405300002	ಮಲ್ಲೇಶ್	TARSKPJ2406180002	ಗುರುಮೂರ್ತಿ	TARSKPJ2406180004
ಶ್ರೀರಾಮ್ ಫೈನಾನ್ಸ್ ಲಿಮಿಟೆಡ್, ಆರ್.ಆರ್. ಕಾಂಪ್ಲೆಕ್ಸ್, ಚಿಕ್ಕನಾಯಕನಹಳ್ಳಿ - 572214 - ಹರಾಜು ದಿನಾಂಕ: 11-04-2025, ಬೆಳಗ್ಗೆ 10.30
ಚಿಕ್ಕನಾಯಕನಹಳ್ಳಿ - ಎಸ್‌ಟಿಪಿಎಸ್
ಹೆಸರು	ಲೋನ್ ನಂಬರ್
ಶಿವಕುಮಾರ	TCHNKPJ2405080001
ಶ್ರೀರಾಮ್ ಫೈನಾನ್ಸ್ ಲಿಮಿಟೆಡ್, 1 ನೇ ಮಹಡಿ, ದೊಡ್ಡಬಳ್ಳಾಪುರ - 561203 - ಹರಾಜು ದಿನಾಂಕ: 10-04-2025, ಬೆಳಗ್ಗೆ 10.30
ದೊಡ್ಡಬಳ್ಳಾಪುರ - ಎಸ್‌ಟಿಪಿಎಸ್
ಹೆಸರು	ಲೋನ್ ನಂಬರ್
ಮುನಿರಾಜು	QDDBLPJ2408130001
ಶ್ರೀರಾಮ್ ಫೈನಾನ್ಸ್ ಲಿಮಿಟೆಡ್, ಗೌರಿಬಿದನೂರು - 561208 - ಹರಾಜು ದಿನಾಂಕ: 10-04-2025, ಬೆಳಗ್ಗೆ 10.30
ಗೌರಿಬಿದನೂರು
ಹೆಸರು	ಲೋನ್ ನಂಬರ್	ಹೆಸರು	ಲೋನ್ ನಂಬರ್	ಹೆಸರು	ಲೋನ್ ನಂಬರ್
ನರಸಿಂಹಮೂರ್ತಿ	TGOWRPJ2405300002	ರಾಮಚಂದ್ರ	TGOWRPJ2410030003	ಆದಿನಾರಾಯಣ	TGOWRPJ2406190001
ಚಂದ್ರಕಲಾ	TGOWRPJ2410030001	ಗಂಗಾಧರಪ್ಪ	TGOWRPJ2407100001		
ಶ್ರೀರಾಮ್ ಫೈನಾನ್ಸ್ ಲಿಮಿಟೆಡ್, 1 ನೇ ಮಹಡಿ, ಗುಬ್ಬಿ - 572216 - ಹರಾಜು ದಿನಾಂಕ: 10-04-2025, ಬೆಳಗ್ಗೆ 10.30
ಗುಬ್ಬಿ - ಎಸ್‌ಟಿಪಿಎಸ್
ಹೆಸರು	ಲೋನ್ ನಂಬರ್
ಶಿವಣ್ಣ	TGUBBPJ2405090005
ಶ್ರೀರಾಮ್ ಫೈನಾನ್ಸ್ ಲಿಮಿಟೆಡ್, ಹಿರಿಯೂರು - 577599 - ಹರಾಜು ದಿನಾಂಕ: 10-04-2025, ಬೆಳಗ್ಗೆ 10.30
ಹಿರಿಯೂರು - ಎಸ್‌ಟಿಪಿಎಸ್
ಹೆಸರು	ಲೋನ್ ನಂಬರ್	ಹೆಸರು	ಲೋನ್ ನಂಬರ್
ಈರಣ್ಣ	THIYUPJ2405060002	ದೊಡ್ಡಯ್ಯ	THIYUPJ2410080003
ಮಾರಣ್ಣ	THIYUPJ2406070001	ಜಯಲಕ್ಷ್ಮಿ	THIYUPJ2408130003
ಪಾಲಾಕ್ಷ	THIYUPJ2406100002	ಕರಿಬಸಪ್ಪ	THIYUPJ2407080008
ಶ್ರೀರಾಮ್ ಫೈನಾನ್ಸ್ ಲಿಮಿಟೆಡ್, ಮಧುಗಿರಿ - 572132 - ಹರಾಜು ದಿನಾಂಕ: 10-04-2025, ಬೆಳಗ್ಗೆ 10.30
ಮಧುಗಿರಿ - ಎಸ್‌ಟಿಪಿಎಸ್
ಹೆಸರು	ಲೋನ್ ನಂಬರ್
ಹನುಮಂತರಾಯ	TMADGPJ2406110003
ಚಿಕ್ಕರಂಗಪ್ಪ	TMADGPJ2406140004
ನರಸಮ್ಮ	TMADGPJ2406210001
ಈರಪ್ಪ	TMADGPJ2407050003
ತಿಮ್ಮರಾಯಪ್ಪ	TMADGPJ2408130002
ಗಂಗರಾಜು	TMADGPJ2409180001
ರಂಗನಾಥ	TMADGPJ2410070002
ಶ್ರೀರಾಮ್ ಫೈನಾನ್ಸ್ ಲಿಮಿಟೆಡ್, ನಂ.10, ಮಾಲೂರು - 563130 - ಹರಾಜು ದಿನಾಂಕ: 10-04-2025, ಬೆಳಗ್ಗೆ 10.30
ಮಾಲೂರು - ಎಸ್‌ಟಿಪಿಎಸ್
ಹೆಸರು	ಲೋನ್ ನಂಬರ್
ವೆಂಕಟೇಶಪ್ಪ	TMALUPJ2407240001
ಶ್ರೀರಾಮ್ ಫೈನಾನ್ಸ್ ಲಿಮಿಟೆಡ್, 2 ನೇ ಮಹಡಿ, ಸಿರಾ - 572137 - ಹರಾಜು ದಿನಾಂಕ: 10-04-2025, ಬೆಳಗ್ಗೆ 10.30
ಸಿರಾ - ಎಸ್‌ಟಿಪಿಎಸ್
ಹೆಸರು	ಲೋನ್ ನಂಬರ್
ನಾಗರಾಜಪ್ಪ	TSIRAPJ2406070002
ಅಂಜನಪ್ಪ	TSIRAPJ2406080005
ಚಿಕ್ಕಣ್ಣ	TSIRAPJ2406050007
ಗೋವಿಂದಪ್ಪ	TSIRAPJ2406150003
ಮುದ್ದಮ್ಮ	TSIRAPJ2406180001
ತಿಪ್ಪಣ್ಣ	TSIRAPJ2406230004
ಬೋರಣ್ಣ	TSIRAPJ2406280003
ಲಕ್ಷ್ಮೀದೇವಿ	TSIRAPJ2407220003
ಶ್ರೀರಾಮ್ ಫೈನಾನ್ಸ್ ಲಿಮಿಟೆಡ್, ತಿಪಟೂರು - 572201 - ಹರಾಜು ದಿನಾಂಕ: 20-12-2024, ಬೆಳಗ್ಗೆ 10.30
ತಿಪಟೂರು - ಎಸ್‌ಟಿಪಿಎಸ್
ಹೆಸರು	ಲೋನ್ ನಂಬರ್	ಹೆಸರು	ಲೋನ್ ನಂಬರ್
ಮಲ್ಲಿಕಾರ್ಜುನ	TTIPTPJ2406110003	ಸೋಮಶೇಖರ	TTIPTPJ2407150004
ಶ್ರೀರಾಮ್ ಫೈನಾನ್ಸ್ ಲಿಮಿಟೆಡ್, ಕುಶಾಲನಗರ - 571234 - ಹರಾಜು ದಿನಾಂಕ: 10-04-2025, ಬೆಳಗ್ಗೆ 10.30
ಕುಶಾಲನಗರ - ಎಸ್‌ಟಿಪಿಎಸ್
ಹೆಸರು	ಲೋನ್ ನಂಬರ್
ಪೊನ್ನಪ್ಪ	TKUSHPJ2409150001
ಶ್ರೀರಾಮ್ ಫೈನಾನ್ಸ್ ಲಿಮಿಟೆಡ್, ಮಡಿಕೇರಿ - 571201 - ಹರಾಜು ದಿನಾಂಕ: 11-04-2025, ಬೆಳಗ್ಗೆ 10.30
ಮಡಿಕೇರಿ - ಎಸ್ ಐಡಿಯಾಸ್
ಹೆಸರು	ಲೋನ್ ನಂಬರ್	ಹೆಸರು	ಲೋನ್ ನಂಬರ್
ಬೆಳ್ಯಪ್ಪ	QMADIPJ2404030001	ಕಾರ್ಯಪ್ಪ	QMADIPJ2407300001
ಚಂಗಪ್ಪ	QMADIPJ2406280001	ಮಾಚಯ್ಯ	QMADIPJ2408050001
ತಮ್ಮಯ್ಯ	QMADIPJ2407190002	ನಾಣಯ್ಯ	QMADIPJ2408050002
ಸೋಮಯ್ಯ	QMADIPJ2407200002	ದೇವಕ್ಕಿ	QMADIPJ2410230002
ಶ್ರೀರಾಮ್ ಫೈನಾನ್ಸ್ ಲಿಮಿಟೆಡ್, ಮೈಸೂರು - 570001 - ಹರಾಜು ದಿನಾಂಕ: 11-04-2025, ಬೆಳಗ್ಗೆ 10.30
ಮೈಸೂರು I - ಎಸ್ ಐಡಿಯಾಸ್
ಹೆಸರು	ಲೋನ್ ನಂಬರ್
ರಾಜೇಶ್	QMYS1PJ2405290002
ಶ್ರೀರಾಮ್ ಫೈನಾನ್ಸ್ ಲಿಮಿಟೆಡ್, (433)2ನೇ ಮಹಡಿ, ಮೈಸೂರು - 570024 - ಹರಾಜು ದಿನಾಂಕ: 11-04-2025, ಬೆಳಗ್ಗೆ 10.30
ಮೈಸೂರು II ಶಾಖೆ - ಎಸ್ ಐಡಿಯಾಸ್
ಹೆಸರು	ಲೋನ್ ನಂಬರ್
ಮಹೇಶ	TMYSOPJ2405240001
ರಘು	TMYSOPJ2406110001
ಶ್ರೀರಾಮ್ ಫೈನಾನ್ಸ್ ಲಿಮಿಟೆಡ್, ಪಿರಿಯಾಪಟ್ಟಣ - 571107 - ಹರಾಜು ದಿನಾಂಕ: 11-04-2025, ಬೆಳಗ್ಗೆ 10.30
ಪಿರಿಯಾಪಟ್ಟಣ - ಎಸ್‌ಟಿಪಿಎಸ್
ಹೆಸರು	ಲೋನ್ ನಂಬರ್
ಸುರೇಶ್	TPRYPPJ2407180002
ವಿಜಯ	TPRYPPJ2410220001
ಶ್ರೀರಾಮ್ ಫೈನಾನ್ಸ್ ಲಿಮಿಟೆಡ್, ತರೀಕೆರೆ - 577228 - ಹರಾಜು ದಿನಾಂಕ: 11-04-2025, ಬೆಳಗ್ಗೆ 10.30
ತರೀಕೆರೆ - ಎಸ್‌ಟಿಪಿಎಸ್
ಹೆಸರು	ಲೋನ್ ನಂಬರ್
ಮಂಜಪ್ಪ	TSHNVPJ2406240001
ರಾಜಪ್ಪ	TSHNVPJ2406250001
ಗಿರಿಜಮ್ಮ	TSHNVPJ2407200002
ಶ್ರೀರಾಮ್ ಫೈನಾನ್ಸ್ ಲಿಮಿಟೆಡ್, ನಂ.218/1, ಟಿ.ನರಸೀಪುರ - 571124 - ಹರಾಜು ದಿನಾಂಕ: 11-04-2025, ಬೆಳಗ್ಗೆ 10.30
ಟಿ ನರಸೀಪುರ - ಎಸ್‌ಟಿಪಿಎಸ್
ಹೆಸರು	ಲೋನ್ ನಂಬರ್
ಚಂದ್ರಶೇಖರ	TTNRSPJ2404170004
ಮಾದಪ್ಪ	TTNRSPJ2407290009
ಸಿದ್ದರಾಜು	TTNRSPJ2407290007
ಹರಾಜು ಪ್ರಾರಂಭಗೊಳ್ಳುವ ಮೊದಲು ಸಾಲಗಾರರು ಸಂಪೂರ್ಣ ಬಾಕಿ ಮೊತ್ತವನ್ನು ಪಾವತಿಸಿದಲ್ಲಿ ಹರಾಜನ್ನು ರದ್ದುಪಡಿಸಲಾಗುವುದು. ಯಾವುದೇ ಕಾರಣದಿಂದ ನಿಗದಿತ ದಿನಾಂಕದಂದು ಹರಾಜು ನಡೆಯದಿದ್ದಲ್ಲಿ ಮುಂದಿನ ದಿನಾಂಕದಂದು ಅದೇ ಸ್ಥಳದಲ್ಲಿ ಹರಾಜು ನಡೆಸಲಾಗುವುದು. ಹೆಚ್ಚಿನ ಮಾಹಿತಿಗಾಗಿ ಸಂಪರ್ಕಿಸಿ ಮೊಬೈಲ್: 8431166309 / 9632758166 / 9901066688
ಸಹಿ/- ಅಧಿಕೃತ ಅಧಿಕಾರಿ,
ಶ್ರೀರಾಮ್ ಫೈನಾನ್ಸ್ ಲಿ.
ದಿನಾಂಕ: 28.03.2025
